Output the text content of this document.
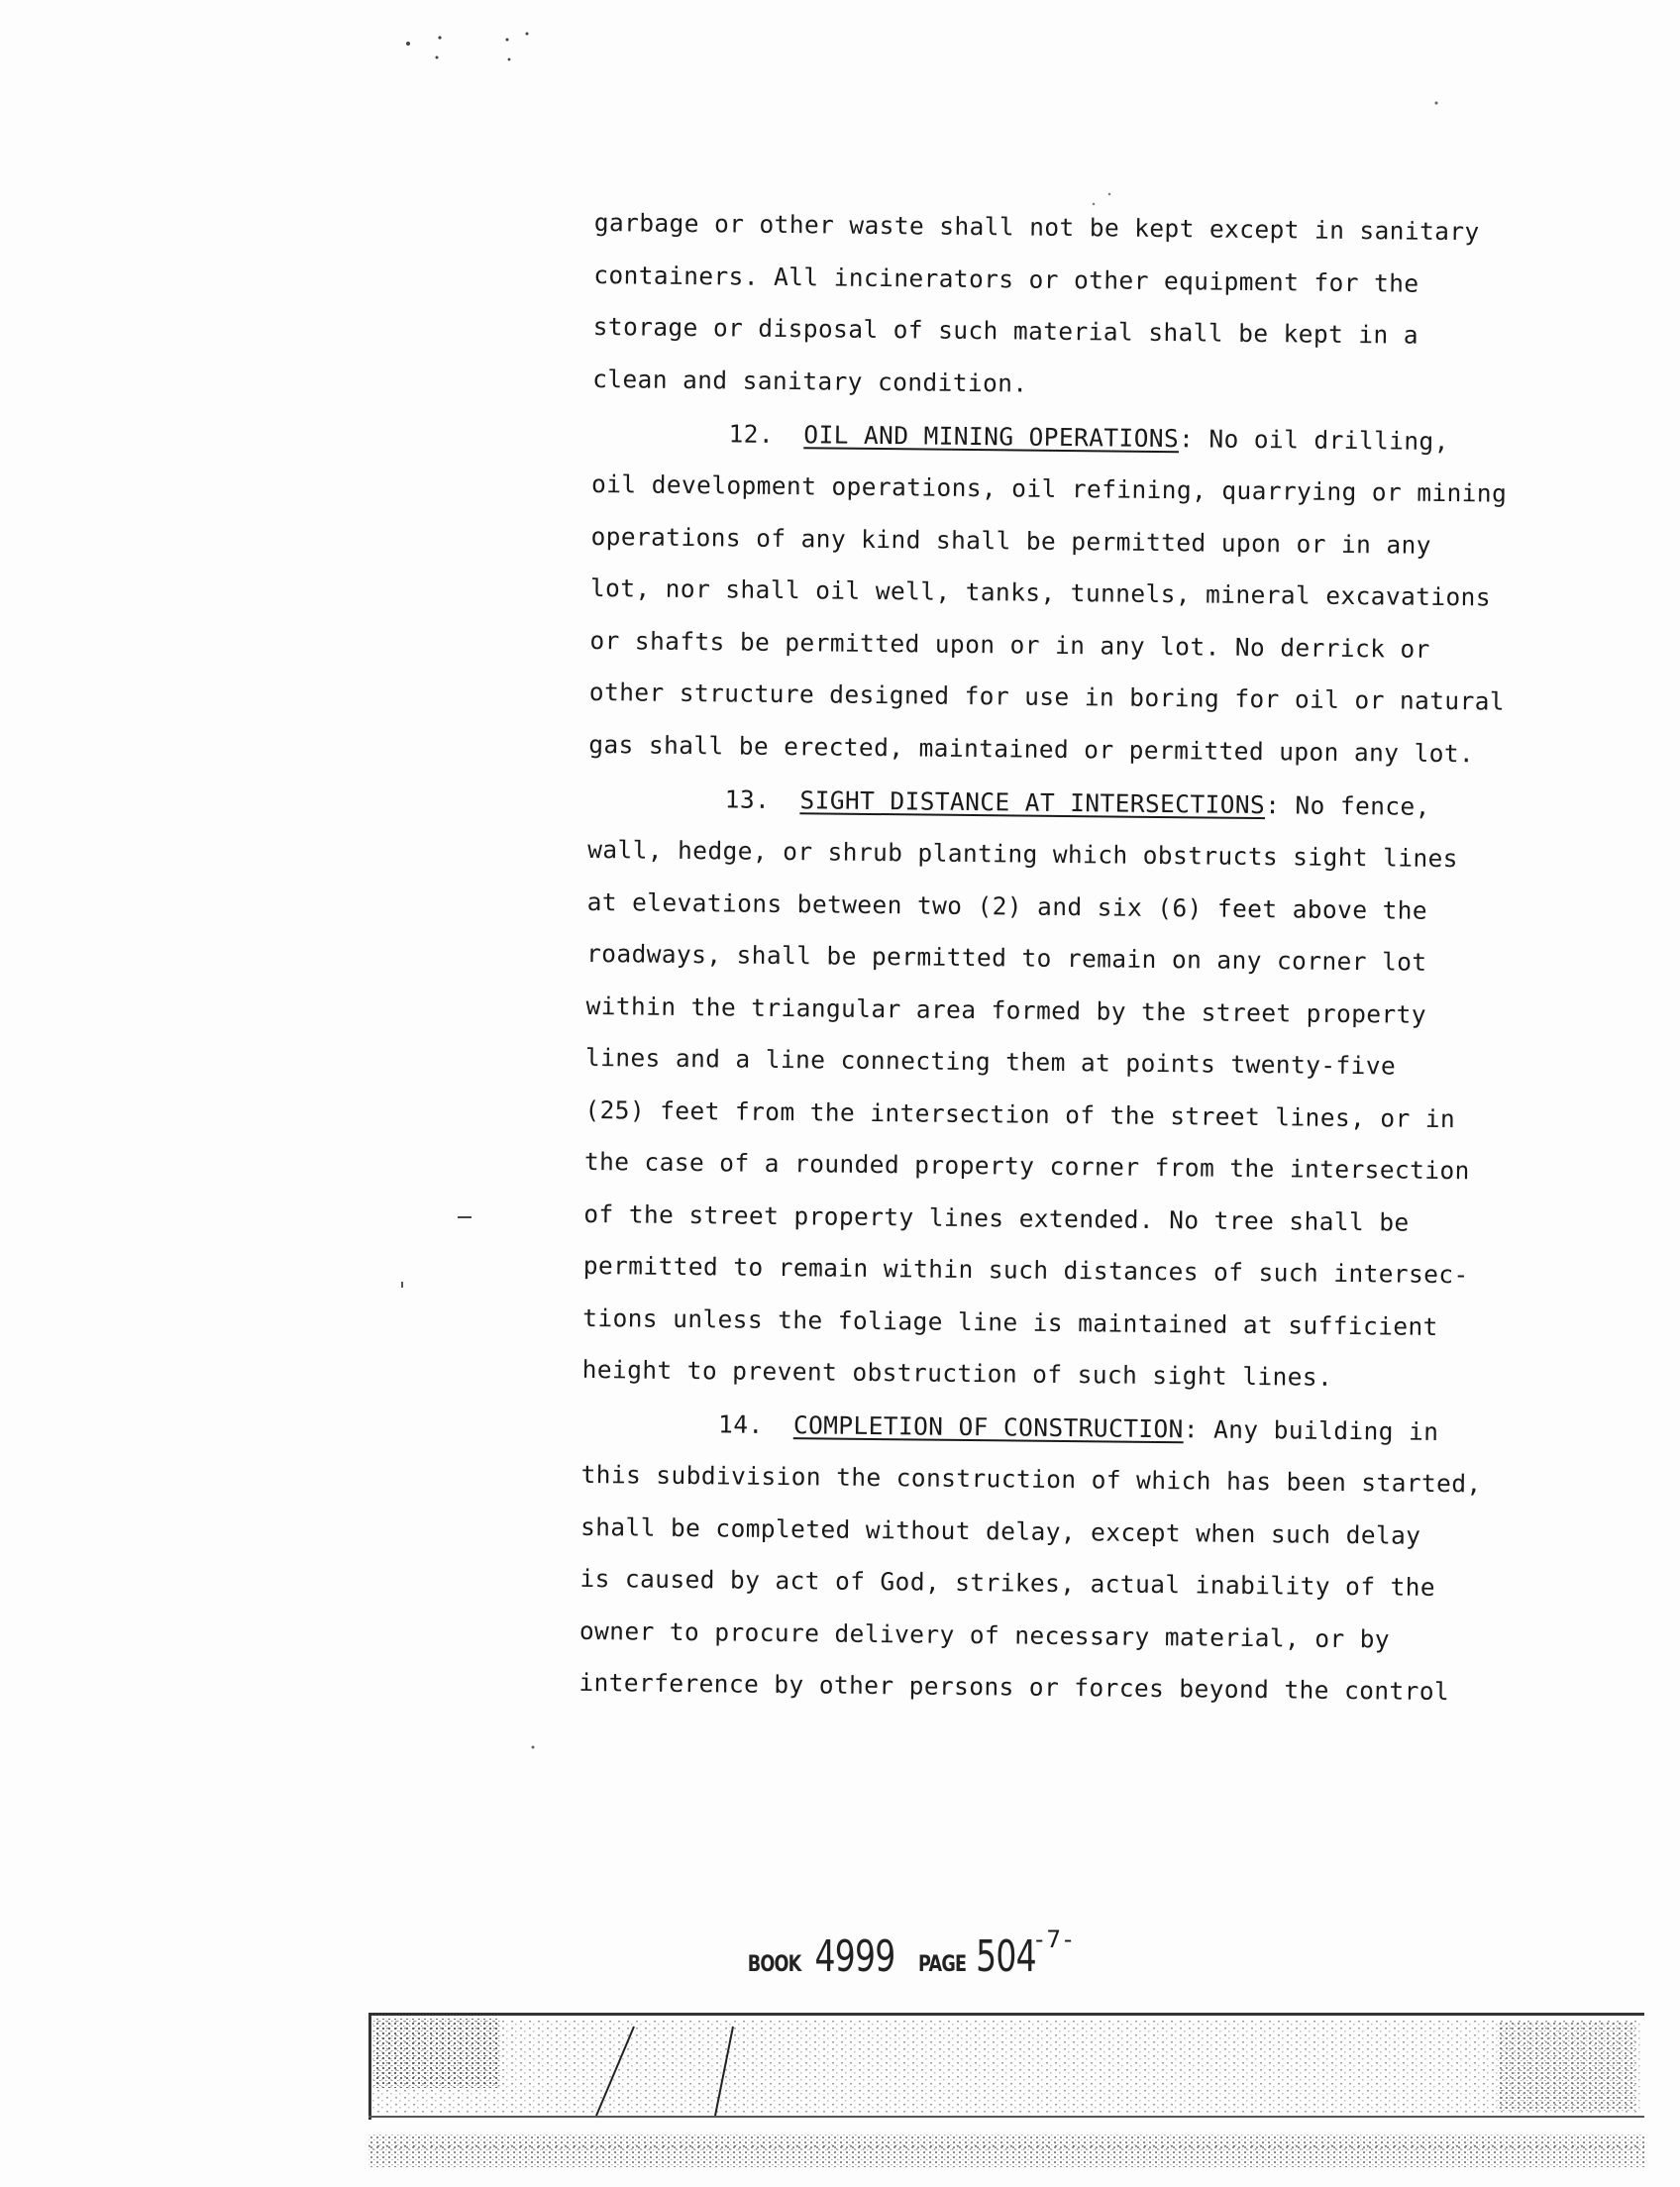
garbage or other waste shall not be kept except in sanitary
containers. All incinerators or other equipment for the
storage or disposal of such material shall be kept in a
clean and sanitary condition.
12. OIL AND MINING OPERATIONS: No oil drilling,
oil development operations, oil refining, quarrying or mining
operations of any kind shall be permitted upon or in any
lot, nor shall oil well, tanks, tunnels, mineral excavations
or shafts be permitted upon or in any lot. No derrick or
other structure designed for use in boring for oil or natural
gas shall be erected, maintained or permitted upon any lot.
13. SIGHT DISTANCE AT INTERSECTIONS: No fence,
wall, hedge, or shrub planting which obstructs sight lines
at elevations between two (2) and six (6) feet above the
roadways, shall be permitted to remain on any corner lot
within the triangular area formed by the street property
lines and a line connecting them at points twenty-five
(25) feet from the intersection of the street lines, or in
the case of a rounded property corner from the intersection
of the street property lines extended. No tree shall be
permitted to remain within such distances of such intersec-
tions unless the foliage line is maintained at sufficient
height to prevent obstruction of such sight lines.
14. COMPLETION OF CONSTRUCTION: Any building in
this subdivision the construction of which has been started,
shall be completed without delay, except when such delay
is caused by act of God, strikes, actual inability of the
owner to procure delivery of necessary material, or by
interference by other persons or forces beyond the control
BOOK 4999 PAGE 504
-7-
